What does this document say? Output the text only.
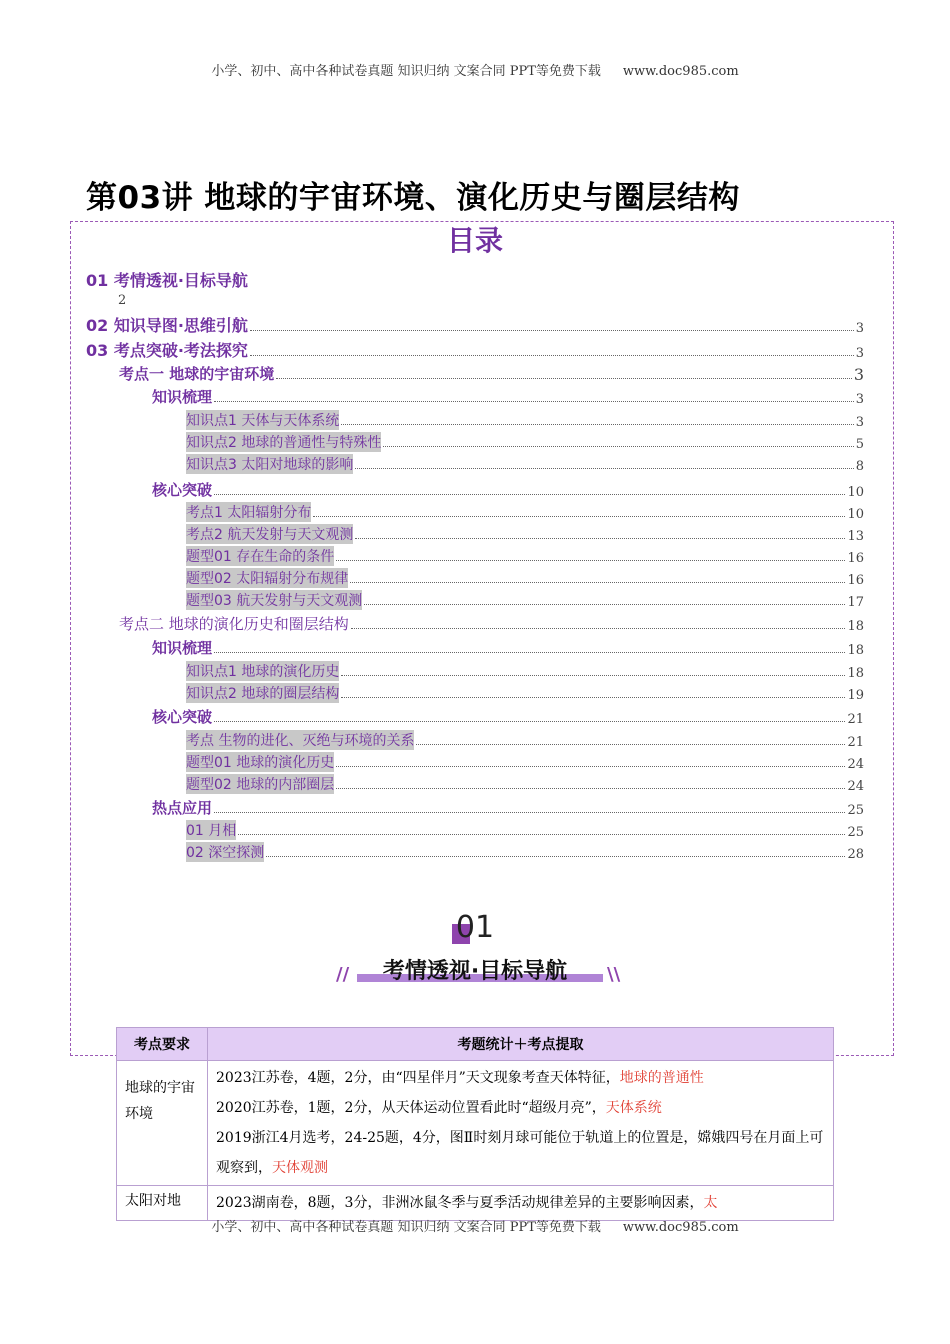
小学、初中、高中各种试卷真题 知识归纳 文案合同 PPT等免费下载 www.doc985.com
第03讲 地球的宇宙环境、演化历史与圈层结构
目录
01 考情透视·目标导航
2
02 知识导图·思维引航	3
03 考点突破·考法探究	3
考点一 地球的宇宙环境	3
知识梳理	3
知识点1 天体与天体系统	3
知识点2 地球的普通性与特殊性	5
知识点3 太阳对地球的影响	8
核心突破	10
考点1 太阳辐射分布	10
考点2 航天发射与天文观测	13
题型01 存在生命的条件	16
题型02 太阳辐射分布规律	16
题型03 航天发射与天文观测	17
考点二 地球的演化历史和圈层结构	18
知识梳理	18
知识点1 地球的演化历史	18
知识点2 地球的圈层结构	19
核心突破	21
考点 生物的进化、灭绝与环境的关系	21
题型01 地球的演化历史	24
题型02 地球的内部圈层	24
热点应用	25
01 月相	25
02 深空探测	28
01
//	\\
考情透视·目标导航
考点要求	考题统计＋考点提取
地球的宇宙环境	2023江苏卷，4题，2分，由“四星伴月”天文现象考查天体特征，地球的普通性
2020江苏卷，1题，2分，从天体运动位置看此时“超级月亮”，天体系统
2019浙江4月选考，24-25题，4分，图Ⅱ时刻月球可能位于轨道上的位置是，嫦娥四号在月面上可观察到，天体观测

太阳对地	2023湖南卷，8题，3分，非洲冰鼠冬季与夏季活动规律差异的主要影响因素，太
小学、初中、高中各种试卷真题 知识归纳 文案合同 PPT等免费下载 www.doc985.com
